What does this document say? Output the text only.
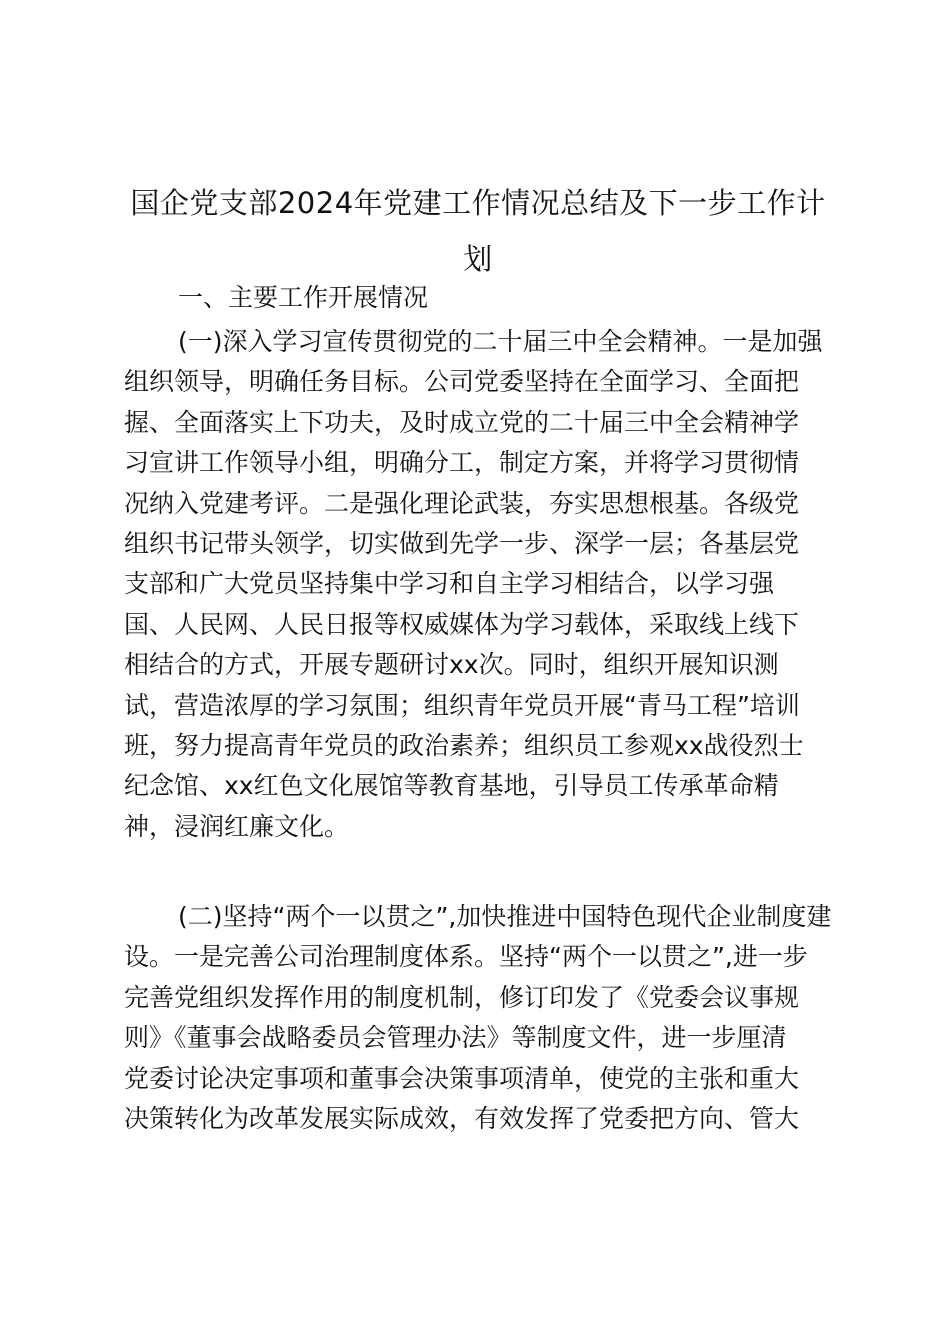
国企党支部2024年党建工作情况总结及下一步工作计
划
一、主要工作开展情况
(一)深入学习宣传贯彻党的二十届三中全会精神。一是加强
组织领导，明确任务目标。公司党委坚持在全面学习、全面把
握、全面落实上下功夫，及时成立党的二十届三中全会精神学
习宣讲工作领导小组，明确分工，制定方案，并将学习贯彻情
况纳入党建考评。二是强化理论武装，夯实思想根基。各级党
组织书记带头领学，切实做到先学一步、深学一层；各基层党
支部和广大党员坚持集中学习和自主学习相结合，以学习强
国、人民网、人民日报等权威媒体为学习载体，采取线上线下
相结合的方式，开展专题研讨xx次。同时，组织开展知识测
试，营造浓厚的学习氛围；组织青年党员开展“青马工程”培训
班，努力提高青年党员的政治素养；组织员工参观xx战役烈士
纪念馆、xx红色文化展馆等教育基地，引导员工传承革命精
神，浸润红廉文化。
(二)坚持“两个一以贯之”,加快推进中国特色现代企业制度建
设。一是完善公司治理制度体系。坚持“两个一以贯之”,进一步
完善党组织发挥作用的制度机制，修订印发了《党委会议事规
则》《董事会战略委员会管理办法》等制度文件，进一步厘清
党委讨论决定事项和董事会决策事项清单，使党的主张和重大
决策转化为改革发展实际成效，有效发挥了党委把方向、管大
